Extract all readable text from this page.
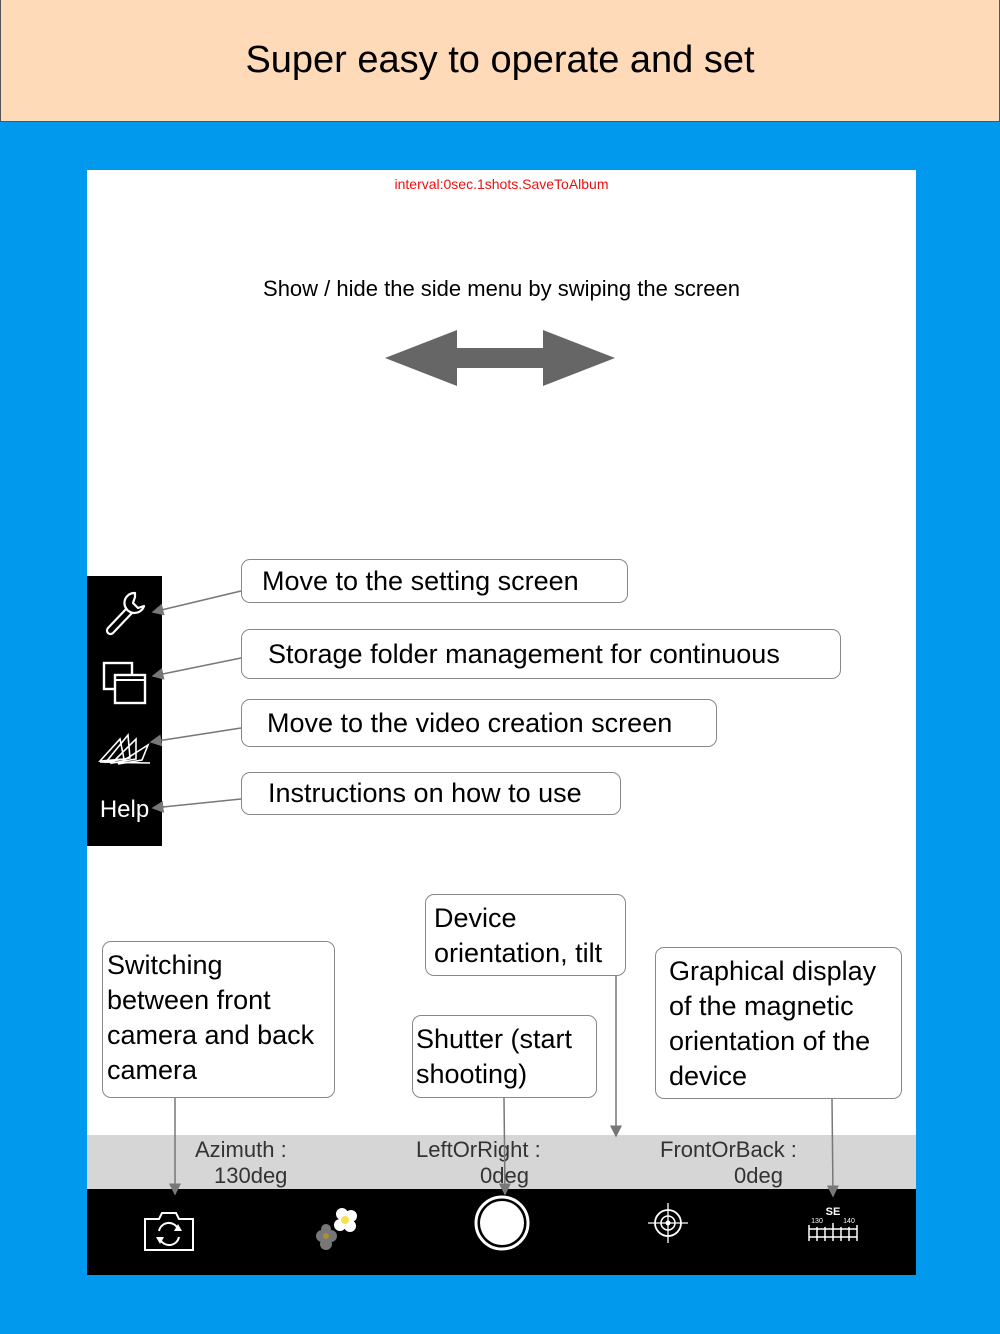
Super easy to operate and set
interval:0sec.1shots.SaveToAlbum
Show / hide the side menu by swiping the screen
Help
Move to the setting screen
Storage folder management for continuous
Move to the video creation screen
Instructions on how to use
Device
orientation, tilt
Switching
between front
camera and back
camera
Shutter (start
shooting)
Graphical display
of the magnetic
orientation of the
device
Azimuth :
130deg
LeftOrRight :
0deg
FrontOrBack :
0deg
SE
130	140
